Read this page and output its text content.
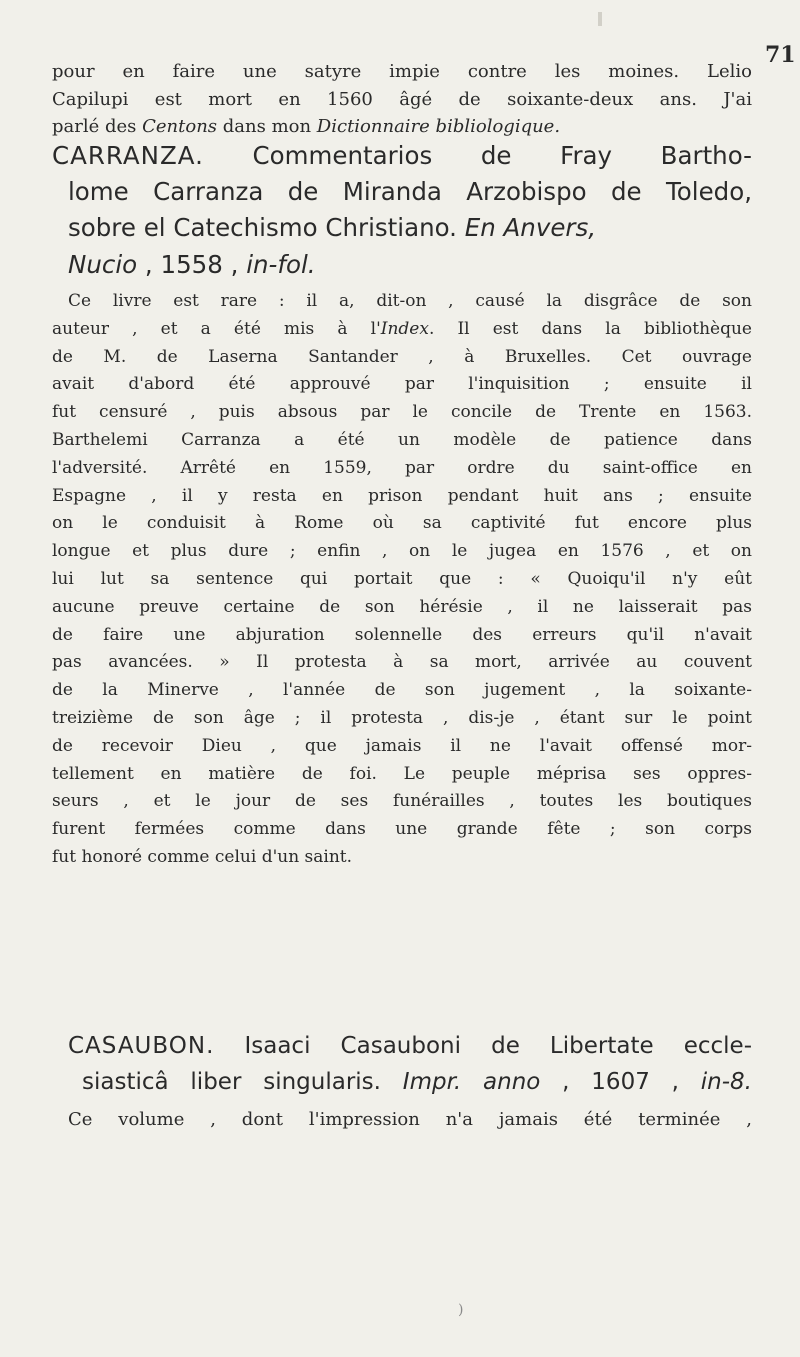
71
pour en faire une satyre impie contre les moines. Lelio
Capilupi est mort en 1560 âgé de soixante-deux ans. J'ai
parlé des Centons dans mon Dictionnaire bibliologique.
CARRANZA. Commentarios de Fray Bartho-
lome Carranza de Miranda Arzobispo de Toledo,
sobre el Catechismo Christiano. En Anvers,
Nucio , 1558 , in-fol.
Ce livre est rare : il a, dit-on , causé la disgrâce de son
auteur , et a été mis à l'Index. Il est dans la bibliothèque
de M. de Laserna Santander , à Bruxelles. Cet ouvrage
avait d'abord été approuvé par l'inquisition ; ensuite il
fut censuré , puis absous par le concile de Trente en 1563.
Barthelemi Carranza a été un modèle de patience dans
l'adversité. Arrêté en 1559, par ordre du saint-office en
Espagne , il y resta en prison pendant huit ans ; ensuite
on le conduisit à Rome où sa captivité fut encore plus
longue et plus dure ; enfin , on le jugea en 1576 , et on
lui lut sa sentence qui portait que : « Quoiqu'il n'y eût
aucune preuve certaine de son hérésie , il ne laisserait pas
de faire une abjuration solennelle des erreurs qu'il n'avait
pas avancées. » Il protesta à sa mort, arrivée au couvent
de la Minerve , l'année de son jugement , la soixante-
treizième de son âge ; il protesta , dis-je , étant sur le point
de recevoir Dieu , que jamais il ne l'avait offensé mor-
tellement en matière de foi. Le peuple méprisa ses oppres-
seurs , et le jour de ses funérailles , toutes les boutiques
furent fermées comme dans une grande fête ; son corps
fut honoré comme celui d'un saint.
CASAUBON. Isaaci Casauboni de Libertate eccle-
siasticâ liber singularis. Impr. anno , 1607 , in-8.
Ce volume , dont l'impression n'a jamais été terminée ,
)
